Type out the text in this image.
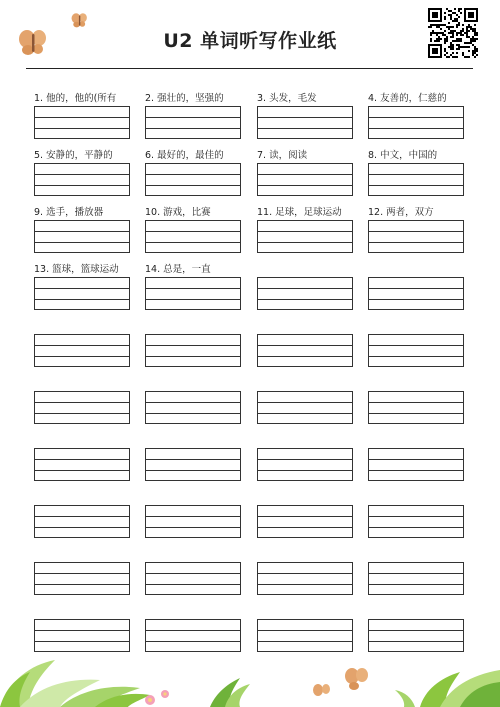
U2 单词听写作业纸
1. 他的，他的(所有	2. 强壮的，坚强的	3. 头发，毛发	4. 友善的，仁慈的
5. 安静的，平静的	6. 最好的，最佳的	7. 读，阅读	8. 中文，中国的
9. 选手，播放器	10. 游戏，比赛	11. 足球，足球运动	12. 两者，双方
13. 篮球，篮球运动	14. 总是，一直
